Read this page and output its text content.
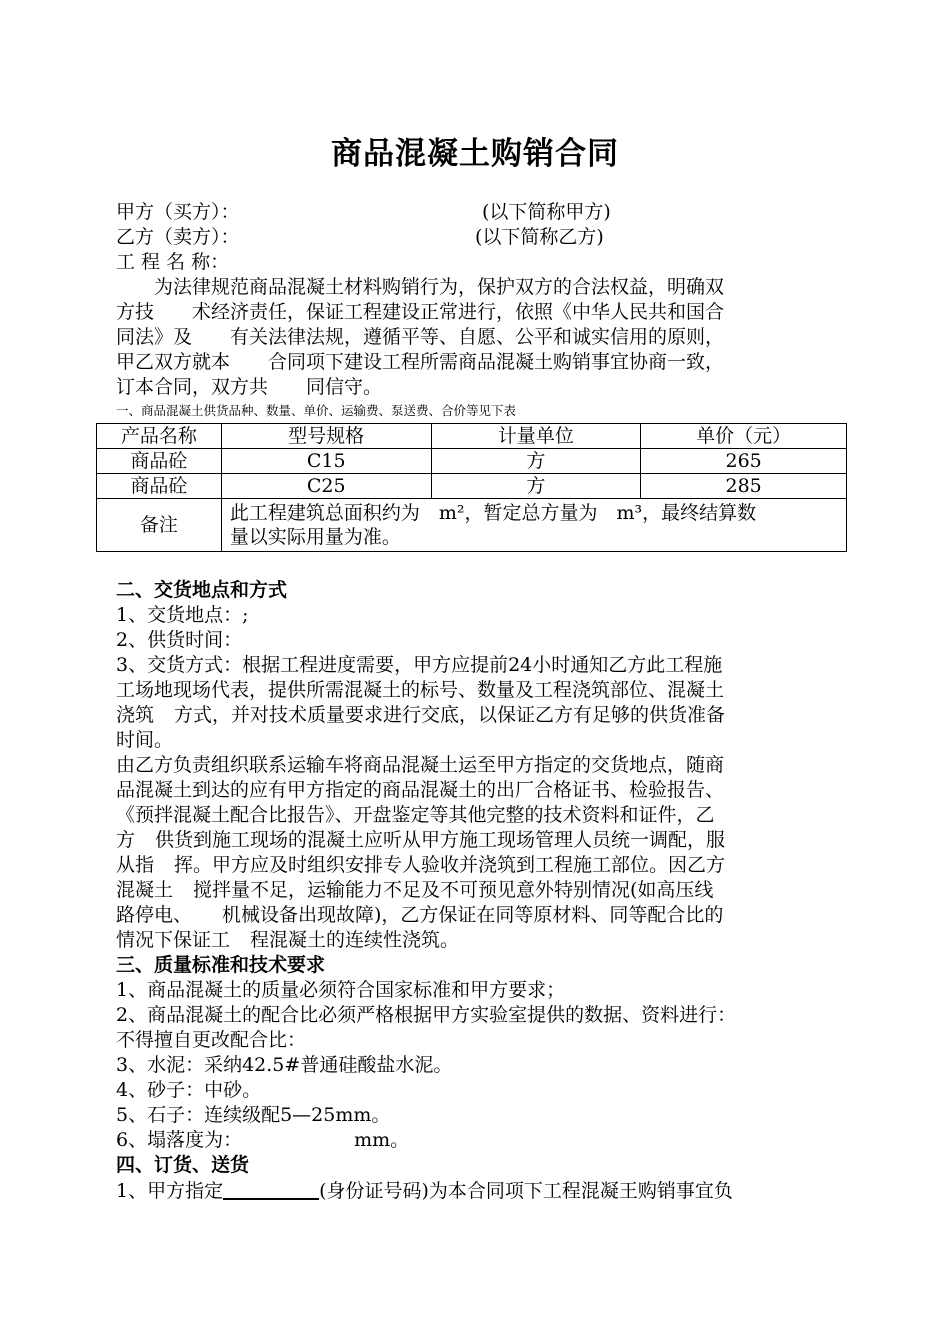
商品混凝土购销合同
甲方（买方）：	(以下简称甲方)
乙方（卖方）：	(以下简称乙方)
工 程 名 称：
为法律规范商品混凝土材料购销行为，保护双方的合法权益，明确双
方技 术经济责任，保证工程建设正常进行，依照《中华人民共和国合
同法》及 有关法律法规，遵循平等、自愿、公平和诚实信用的原则，
甲乙双方就本 合同项下建设工程所需商品混凝土购销事宜协商一致，
订本合同，双方共 同信守。
一、商品混凝土供货品种、数量、单价、运输费、泵送费、合价等见下表
产品名称	型号规格	计量单位	单价（元）
商品砼	C15	方	265
商品砼	C25	方	285
备注	此工程建筑总面积约为　m²，暂定总方量为　m³，最终结算数
量以实际用量为准。		
二、交货地点和方式
1、交货地点：;
2、供货时间：
3、交货方式：根据工程进度需要，甲方应提前24小时通知乙方此工程施
工场地现场代表，提供所需混凝土的标号、数量及工程浇筑部位、混凝土
浇筑 方式，并对技术质量要求进行交底，以保证乙方有足够的供货准备
时间。
由乙方负责组织联系运输车将商品混凝土运至甲方指定的交货地点，随商
品混凝土到达的应有甲方指定的商品混凝土的出厂合格证书、检验报告、
《预拌混凝土配合比报告》、开盘鉴定等其他完整的技术资料和证件，乙
方 供货到施工现场的混凝土应听从甲方施工现场管理人员统一调配，服
从指 挥。甲方应及时组织安排专人验收并浇筑到工程施工部位。因乙方
混凝土 搅拌量不足，运输能力不足及不可预见意外特别情况(如高压线
路停电、 机械设备出现故障)，乙方保证在同等原材料、同等配合比的
情况下保证工 程混凝土的连续性浇筑。
三、质量标准和技术要求
1、商品混凝土的质量必须符合国家标准和甲方要求；
2、商品混凝土的配合比必须严格根据甲方实验室提供的数据、资料进行：
不得擅自更改配合比：
3、水泥：采纳42.5#普通硅酸盐水泥。
4、砂子：中砂。
5、石子：连续级配5—25mm。
6、塌落度为：	mm。
四、订货、送货
1、甲方指定	(身份证号码)为本合同项下工程混凝王购销事宜负
